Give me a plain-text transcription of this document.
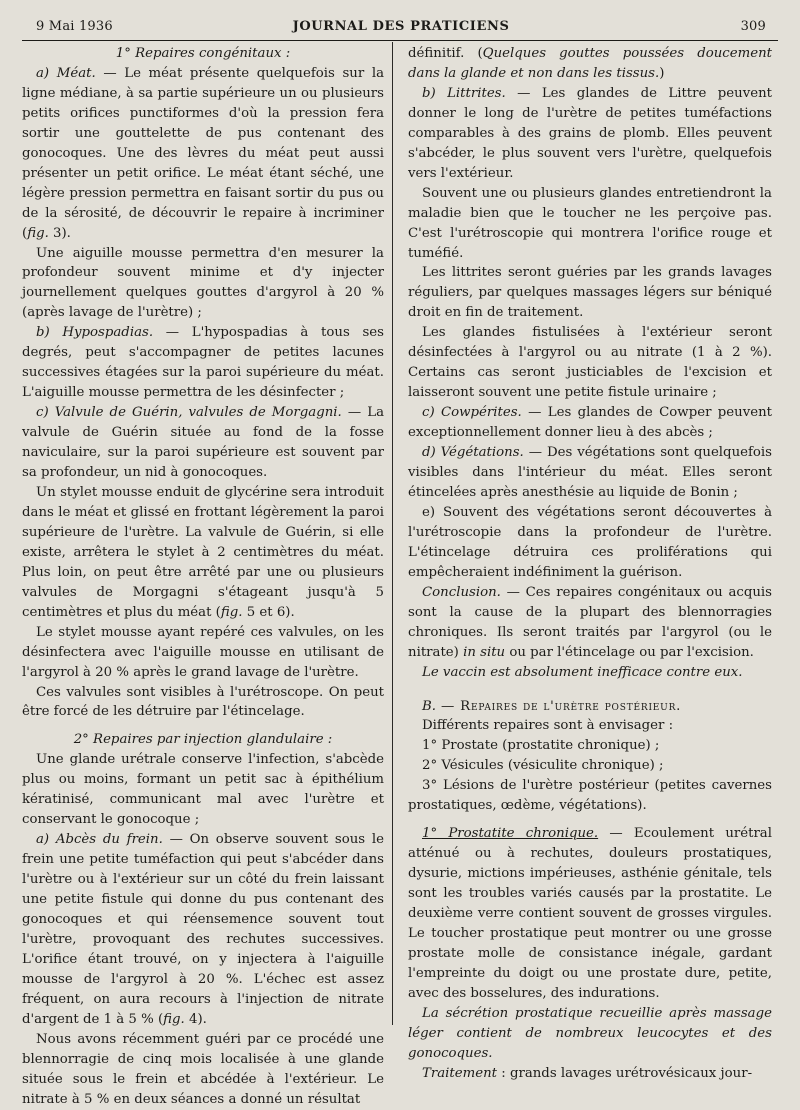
9 Mai 1936	JOURNAL DES PRATICIENS	309

1° Repaires congénitaux :

a) Méat. — Le méat présente quelquefois sur la ligne médiane, à sa partie supérieure un ou plusieurs petits orifices punctiformes d'où la pression fera sortir une gouttelette de pus contenant des gonocoques. Une des lèvres du méat peut aussi présenter un petit orifice. Le méat étant séché, une légère pression permettra en faisant sortir du pus ou de la sérosité, de découvrir le repaire à incriminer (fig. 3).

Une aiguille mousse permettra d'en mesurer la profondeur souvent minime et d'y injecter journellement quelques gouttes d'argyrol à 20 % (après lavage de l'urètre) ;

b) Hypospadias. — L'hypospadias à tous ses degrés, peut s'accompagner de petites lacunes successives étagées sur la paroi supérieure du méat. L'aiguille mousse permettra de les désinfecter ;

c) Valvule de Guérin, valvules de Morgagni. — La valvule de Guérin située au fond de la fosse naviculaire, sur la paroi supérieure est souvent par sa profondeur, un nid à gonocoques.

Un stylet mousse enduit de glycérine sera introduit dans le méat et glissé en frottant légèrement la paroi supérieure de l'urètre. La valvule de Guérin, si elle existe, arrêtera le stylet à 2 centimètres du méat. Plus loin, on peut être arrêté par une ou plusieurs valvules de Morgagni s'étageant jusqu'à 5 centimètres et plus du méat (fig. 5 et 6).

Le stylet mousse ayant repéré ces valvules, on les désinfectera avec l'aiguille mousse en utilisant de l'argyrol à 20 % après le grand lavage de l'urètre.

Ces valvules sont visibles à l'urétroscope. On peut être forcé de les détruire par l'étincelage.

2° Repaires par injection glandulaire :

Une glande urétrale conserve l'infection, s'abcède plus ou moins, formant un petit sac à épithélium kératinisé, communicant mal avec l'urètre et conservant le gonocoque ;

a) Abcès du frein. — On observe souvent sous le frein une petite tuméfaction qui peut s'abcéder dans l'urètre ou à l'extérieur sur un côté du frein laissant une petite fistule qui donne du pus contenant des gonocoques et qui réensemence souvent tout l'urètre, provoquant des rechutes successives. L'orifice étant trouvé, on y injectera à l'aiguille mousse de l'argyrol à 20 %. L'échec est assez fréquent, on aura recours à l'injection de nitrate d'argent de 1 à 5 % (fig. 4).

Nous avons récemment guéri par ce procédé une blennorragie de cinq mois localisée à une glande située sous le frein et abcédée à l'extérieur. Le nitrate à 5 % en deux séances a donné un résultat

définitif. (Quelques gouttes poussées doucement dans la glande et non dans les tissus.)

b) Littrites. — Les glandes de Littre peuvent donner le long de l'urètre de petites tuméfactions comparables à des grains de plomb. Elles peuvent s'abcéder, le plus souvent vers l'urètre, quelquefois vers l'extérieur.

Souvent une ou plusieurs glandes entretiendront la maladie bien que le toucher ne les perçoive pas. C'est l'urétroscopie qui montrera l'orifice rouge et tuméfié.

Les littrites seront guéries par les grands lavages réguliers, par quelques massages légers sur béniqué droit en fin de traitement.

Les glandes fistulisées à l'extérieur seront désinfectées à l'argyrol ou au nitrate (1 à 2 %). Certains cas seront justiciables de l'excision et laisseront souvent une petite fistule urinaire ;

c) Cowpérites. — Les glandes de Cowper peuvent exceptionnellement donner lieu à des abcès ;

d) Végétations. — Des végétations sont quelquefois visibles dans l'intérieur du méat. Elles seront étincelées après anesthésie au liquide de Bonin ;

e) Souvent des végétations seront découvertes à l'urétroscopie dans la profondeur de l'urètre. L'étincelage détruira ces proliférations qui empêcheraient indéfiniment la guérison.

Conclusion. — Ces repaires congénitaux ou acquis sont la cause de la plupart des blennorragies chroniques. Ils seront traités par l'argyrol (ou le nitrate) in situ ou par l'étincelage ou par l'excision.

Le vaccin est absolument inefficace contre eux.

B. — Repaires de l'urètre postérieur.

Différents repaires sont à envisager :

1° Prostate (prostatite chronique) ;

2° Vésicules (vésiculite chronique) ;

3° Lésions de l'urètre postérieur (petites cavernes prostatiques, œdème, végétations).

1° Prostatite chronique. — Ecoulement urétral atténué ou à rechutes, douleurs prostatiques, dysurie, mictions impérieuses, asthénie génitale, tels sont les troubles variés causés par la prostatite. Le deuxième verre contient souvent de grosses virgules. Le toucher prostatique peut montrer ou une grosse prostate molle de consistance inégale, gardant l'empreinte du doigt ou une prostate dure, petite, avec des bosselures, des indurations.

La sécrétion prostatique recueillie après massage léger contient de nombreux leucocytes et des gonocoques.

Traitement : grands lavages urétrovésicaux jour-
